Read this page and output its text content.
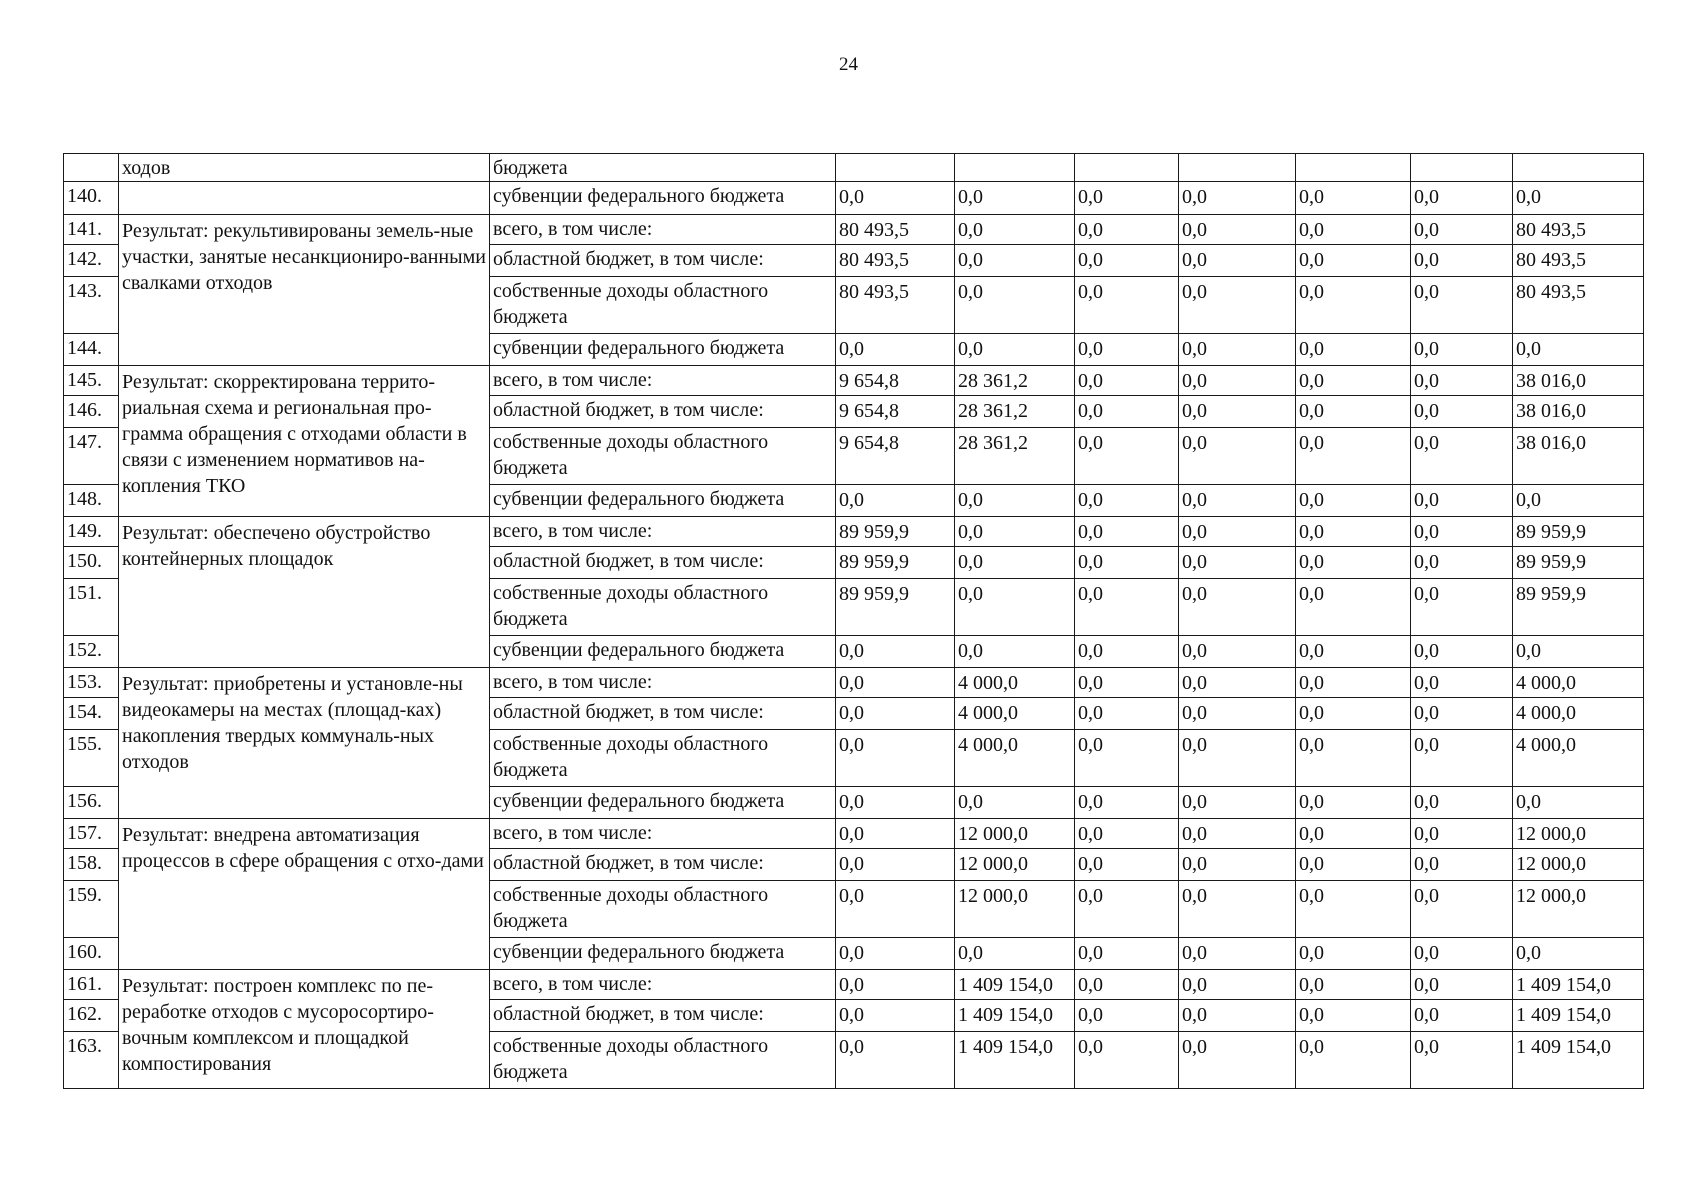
24
	ходов	бюджета							
140.		субвенции федерального бюджета	0,0	0,0	0,0	0,0	0,0	0,0	0,0
141.	Результат: рекультивированы земель-ные участки, занятые несанкциониро-ванными свалками отходов	всего, в том числе:	80 493,5	0,0	0,0	0,0	0,0	0,0	80 493,5
142.		областной бюджет, в том числе:	80 493,5	0,0	0,0	0,0	0,0	0,0	80 493,5
143.		собственные доходы областного бюджета	80 493,5	0,0	0,0	0,0	0,0	0,0	80 493,5
144.		субвенции федерального бюджета	0,0	0,0	0,0	0,0	0,0	0,0	0,0
145.	Результат: скорректирована террито-риальная схема и региональная про-грамма обращения с отходами области в связи с изменением нормативов на-копления ТКО	всего, в том числе:	9 654,8	28 361,2	0,0	0,0	0,0	0,0	38 016,0
146.		областной бюджет, в том числе:	9 654,8	28 361,2	0,0	0,0	0,0	0,0	38 016,0
147.		собственные доходы областного бюджета	9 654,8	28 361,2	0,0	0,0	0,0	0,0	38 016,0
148.		субвенции федерального бюджета	0,0	0,0	0,0	0,0	0,0	0,0	0,0
149.	Результат: обеспечено обустройство контейнерных площадок	всего, в том числе:	89 959,9	0,0	0,0	0,0	0,0	0,0	89 959,9
150.		областной бюджет, в том числе:	89 959,9	0,0	0,0	0,0	0,0	0,0	89 959,9
151.		собственные доходы областного бюджета	89 959,9	0,0	0,0	0,0	0,0	0,0	89 959,9
152.		субвенции федерального бюджета	0,0	0,0	0,0	0,0	0,0	0,0	0,0
153.	Результат: приобретены и установле-ны видеокамеры на местах (площад-ках) накопления твердых коммуналь-ных отходов	всего, в том числе:	0,0	4 000,0	0,0	0,0	0,0	0,0	4 000,0
154.		областной бюджет, в том числе:	0,0	4 000,0	0,0	0,0	0,0	0,0	4 000,0
155.		собственные доходы областного бюджета	0,0	4 000,0	0,0	0,0	0,0	0,0	4 000,0
156.		субвенции федерального бюджета	0,0	0,0	0,0	0,0	0,0	0,0	0,0
157.	Результат: внедрена автоматизация процессов в сфере обращения с отхо-дами	всего, в том числе:	0,0	12 000,0	0,0	0,0	0,0	0,0	12 000,0
158.		областной бюджет, в том числе:	0,0	12 000,0	0,0	0,0	0,0	0,0	12 000,0
159.		собственные доходы областного бюджета	0,0	12 000,0	0,0	0,0	0,0	0,0	12 000,0
160.		субвенции федерального бюджета	0,0	0,0	0,0	0,0	0,0	0,0	0,0
161.	Результат: построен комплекс по пе-реработке отходов с мусоросортиро-вочным комплексом и площадкой компостирования	всего, в том числе:	0,0	1 409 154,0	0,0	0,0	0,0	0,0	1 409 154,0
162.		областной бюджет, в том числе:	0,0	1 409 154,0	0,0	0,0	0,0	0,0	1 409 154,0
163.		собственные доходы областного бюджета	0,0	1 409 154,0	0,0	0,0	0,0	0,0	1 409 154,0
